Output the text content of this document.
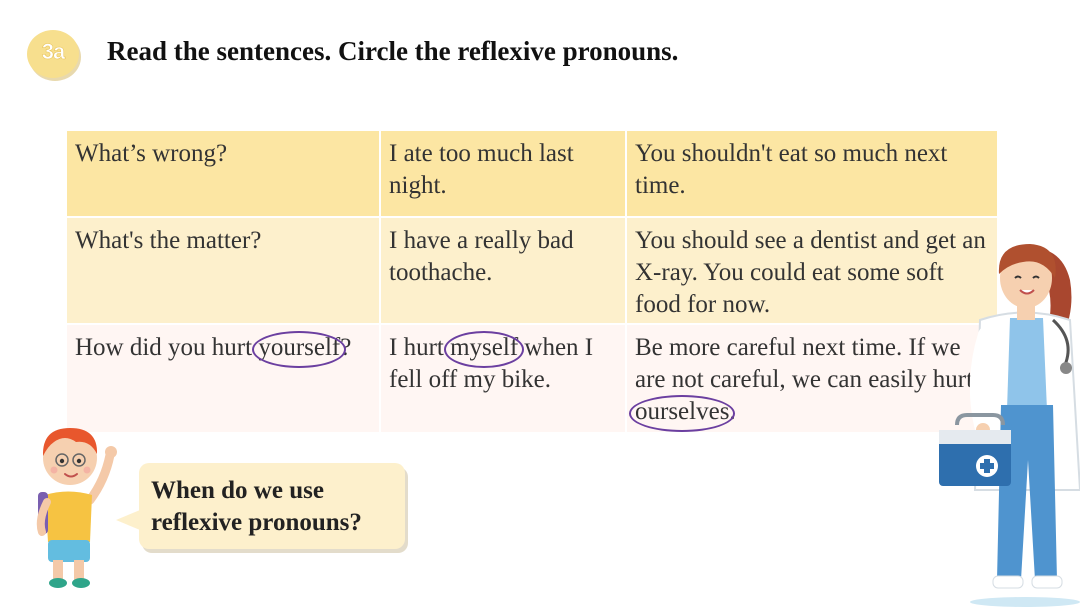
3a	Read the sentences. Circle the reflexive pronouns.
What’s wrong?	I ate too much last night.	You shouldn't eat so much next time.
What's the matter?	I have a really bad toothache.	You should see a dentist and get an X-ray. You could eat some soft food for now.
How did you hurt yourself?	I hurt myself when I fell off my bike.	Be more careful next time. If we are not careful, we can easily hurt ourselves.
When do we use reflexive pronouns?
